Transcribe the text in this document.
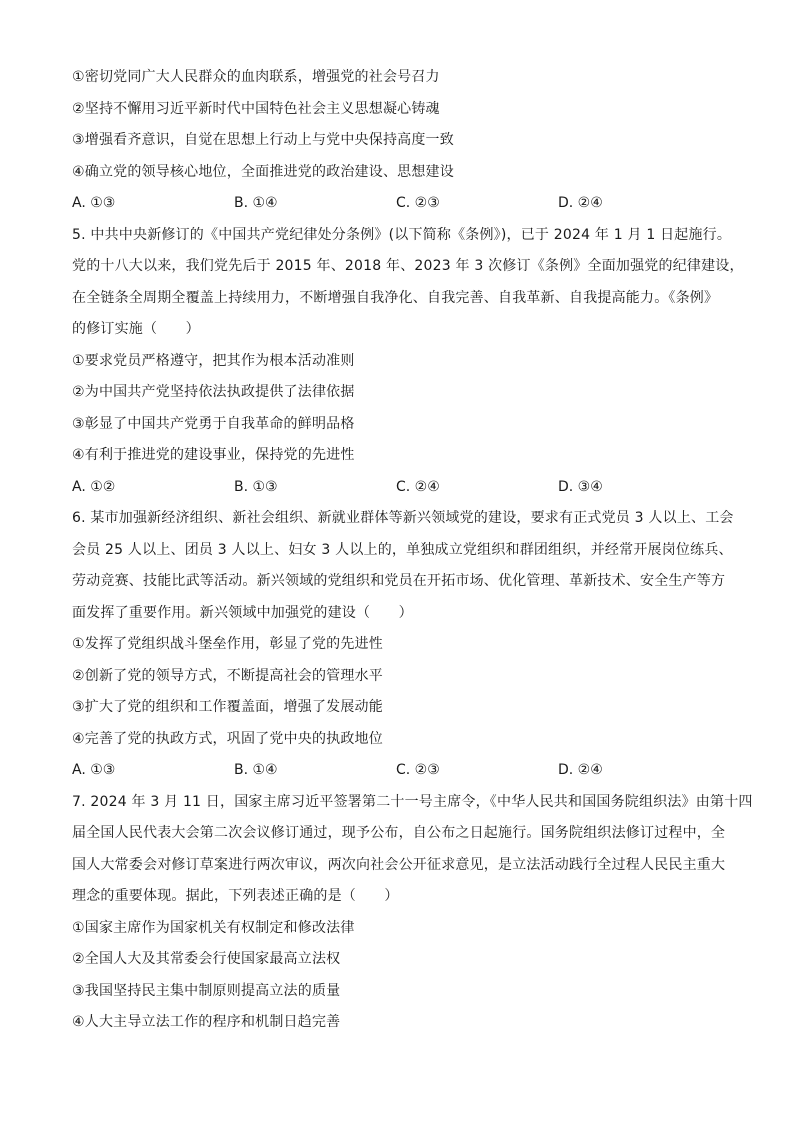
①密切党同广大人民群众的血肉联系，增强党的社会号召力
②坚持不懈用习近平新时代中国特色社会主义思想凝心铸魂
③增强看齐意识，自觉在思想上行动上与党中央保持高度一致
④确立党的领导核心地位，全面推进党的政治建设、思想建设
A. ①③	B. ①④	C. ②③	D. ②④
5. 中共中央新修订的《中国共产党纪律处分条例》(以下简称《条例》)，已于 2024 年 1 月 1 日起施行。
党的十八大以来，我们党先后于 2015 年、2018 年、2023 年 3 次修订《条例》全面加强党的纪律建设，
在全链条全周期全覆盖上持续用力，不断增强自我净化、自我完善、自我革新、自我提高能力。《条例》
的修订实施（　　）
①要求党员严格遵守，把其作为根本活动准则
②为中国共产党坚持依法执政提供了法律依据
③彰显了中国共产党勇于自我革命的鲜明品格
④有利于推进党的建设事业，保持党的先进性
A. ①②	B. ①③	C. ②④	D. ③④
6. 某市加强新经济组织、新社会组织、新就业群体等新兴领域党的建设，要求有正式党员 3 人以上、工会
会员 25 人以上、团员 3 人以上、妇女 3 人以上的，单独成立党组织和群团组织，并经常开展岗位练兵、
劳动竞赛、技能比武等活动。新兴领域的党组织和党员在开拓市场、优化管理、革新技术、安全生产等方
面发挥了重要作用。新兴领域中加强党的建设（　　）
①发挥了党组织战斗堡垒作用，彰显了党的先进性
②创新了党的领导方式，不断提高社会的管理水平
③扩大了党的组织和工作覆盖面，增强了发展动能
④完善了党的执政方式，巩固了党中央的执政地位
A. ①③	B. ①④	C. ②③	D. ②④
7. 2024 年 3 月 11 日，国家主席习近平签署第二十一号主席令，《中华人民共和国国务院组织法》由第十四
届全国人民代表大会第二次会议修订通过，现予公布，自公布之日起施行。国务院组织法修订过程中，全
国人大常委会对修订草案进行两次审议，两次向社会公开征求意见，是立法活动践行全过程人民民主重大
理念的重要体现。据此，下列表述正确的是（　　）
①国家主席作为国家机关有权制定和修改法律
②全国人大及其常委会行使国家最高立法权
③我国坚持民主集中制原则提高立法的质量
④人大主导立法工作的程序和机制日趋完善
